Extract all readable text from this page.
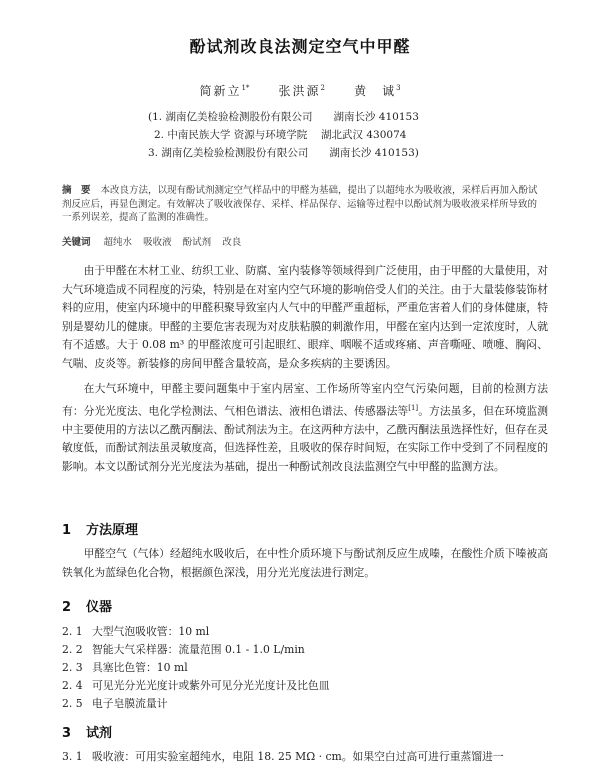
酚试剂改良法测定空气中甲醛
简新立$^{1*}$ 张洪源$^2$ 黄　诚$^3$
(1. 湖南亿美检验检测股份有限公司　　湖南长沙 410153
2. 中南民族大学 资源与环境学院　 湖北武汉 430074
3. 湖南亿美检验检测股份有限公司　　湖南长沙 410153)
摘　要 本改良方法，以现有酚试剂测定空气样品中的甲醛为基础，提出了以超纯水为吸收液，采样后再加入酚试剂反应后，再显色测定。有效解决了吸收液保存、采样、样品保存、运输等过程中以酚试剂为吸收液采样所导致的一系列误差，提高了监测的准确性。
关键词 超纯水 吸收液 酚试剂 改良
由于甲醛在木材工业、纺织工业、防腐、室内装修等领域得到广泛使用，由于甲醛的大量使用，对大气环境造成不同程度的污染，特别是在对室内空气环境的影响倍受人们的关注。由于大量装修装饰材料的应用，使室内环境中的甲醛积聚导致室内人气中的甲醛严重超标，严重危害着人们的身体健康，特别是婴幼儿的健康。甲醛的主要危害表现为对皮肤粘膜的刺激作用，甲醛在室内达到一定浓度时，人就有不适感。大于 0.08 m³ 的甲醛浓度可引起眼红、眼痒、咽喉不适或疼痛、声音嘶哑、喷嚏、胸闷、气喘、皮炎等。新装修的房间甲醛含量较高，是众多疾病的主要诱因。
在大气环境中，甲醛主要问题集中于室内居室、工作场所等室内空气污染问题，目前的检测方法有：分光光度法、电化学检测法、气相色谱法、液相色谱法、传感器法等[1]。方法虽多，但在环境监测中主要使用的方法以乙酰丙酮法、酚试剂法为主。在这两种方法中，乙酰丙酮法虽选择性好，但存在灵敏度低，而酚试剂法虽灵敏度高，但选择性差，且吸收的保存时间短，在实际工作中受到了不同程度的影响。本文以酚试剂分光光度法为基础，提出一种酚试剂改良法监测空气中甲醛的监测方法。
1 方法原理
甲醛空气（气体）经超纯水吸收后，在中性介质环境下与酚试剂反应生成嗪，在酸性介质下嗪被高铁氧化为蓝绿色化合物，根据颜色深浅，用分光光度法进行测定。
2 仪器
2. 1 大型气泡吸收管：10 ml
2. 2 智能大气采样器：流量范围 0.1 - 1.0 L/min
2. 3 具塞比色管：10 ml
2. 4 可见光分光光度计或紫外可见分光光度计及比色皿
2. 5 电子皂膜流量计
3 试剂
3. 1 吸收液：可用实验室超纯水，电阻 18. 25 MΩ · cm。如果空白过高可进行重蒸馏进一
